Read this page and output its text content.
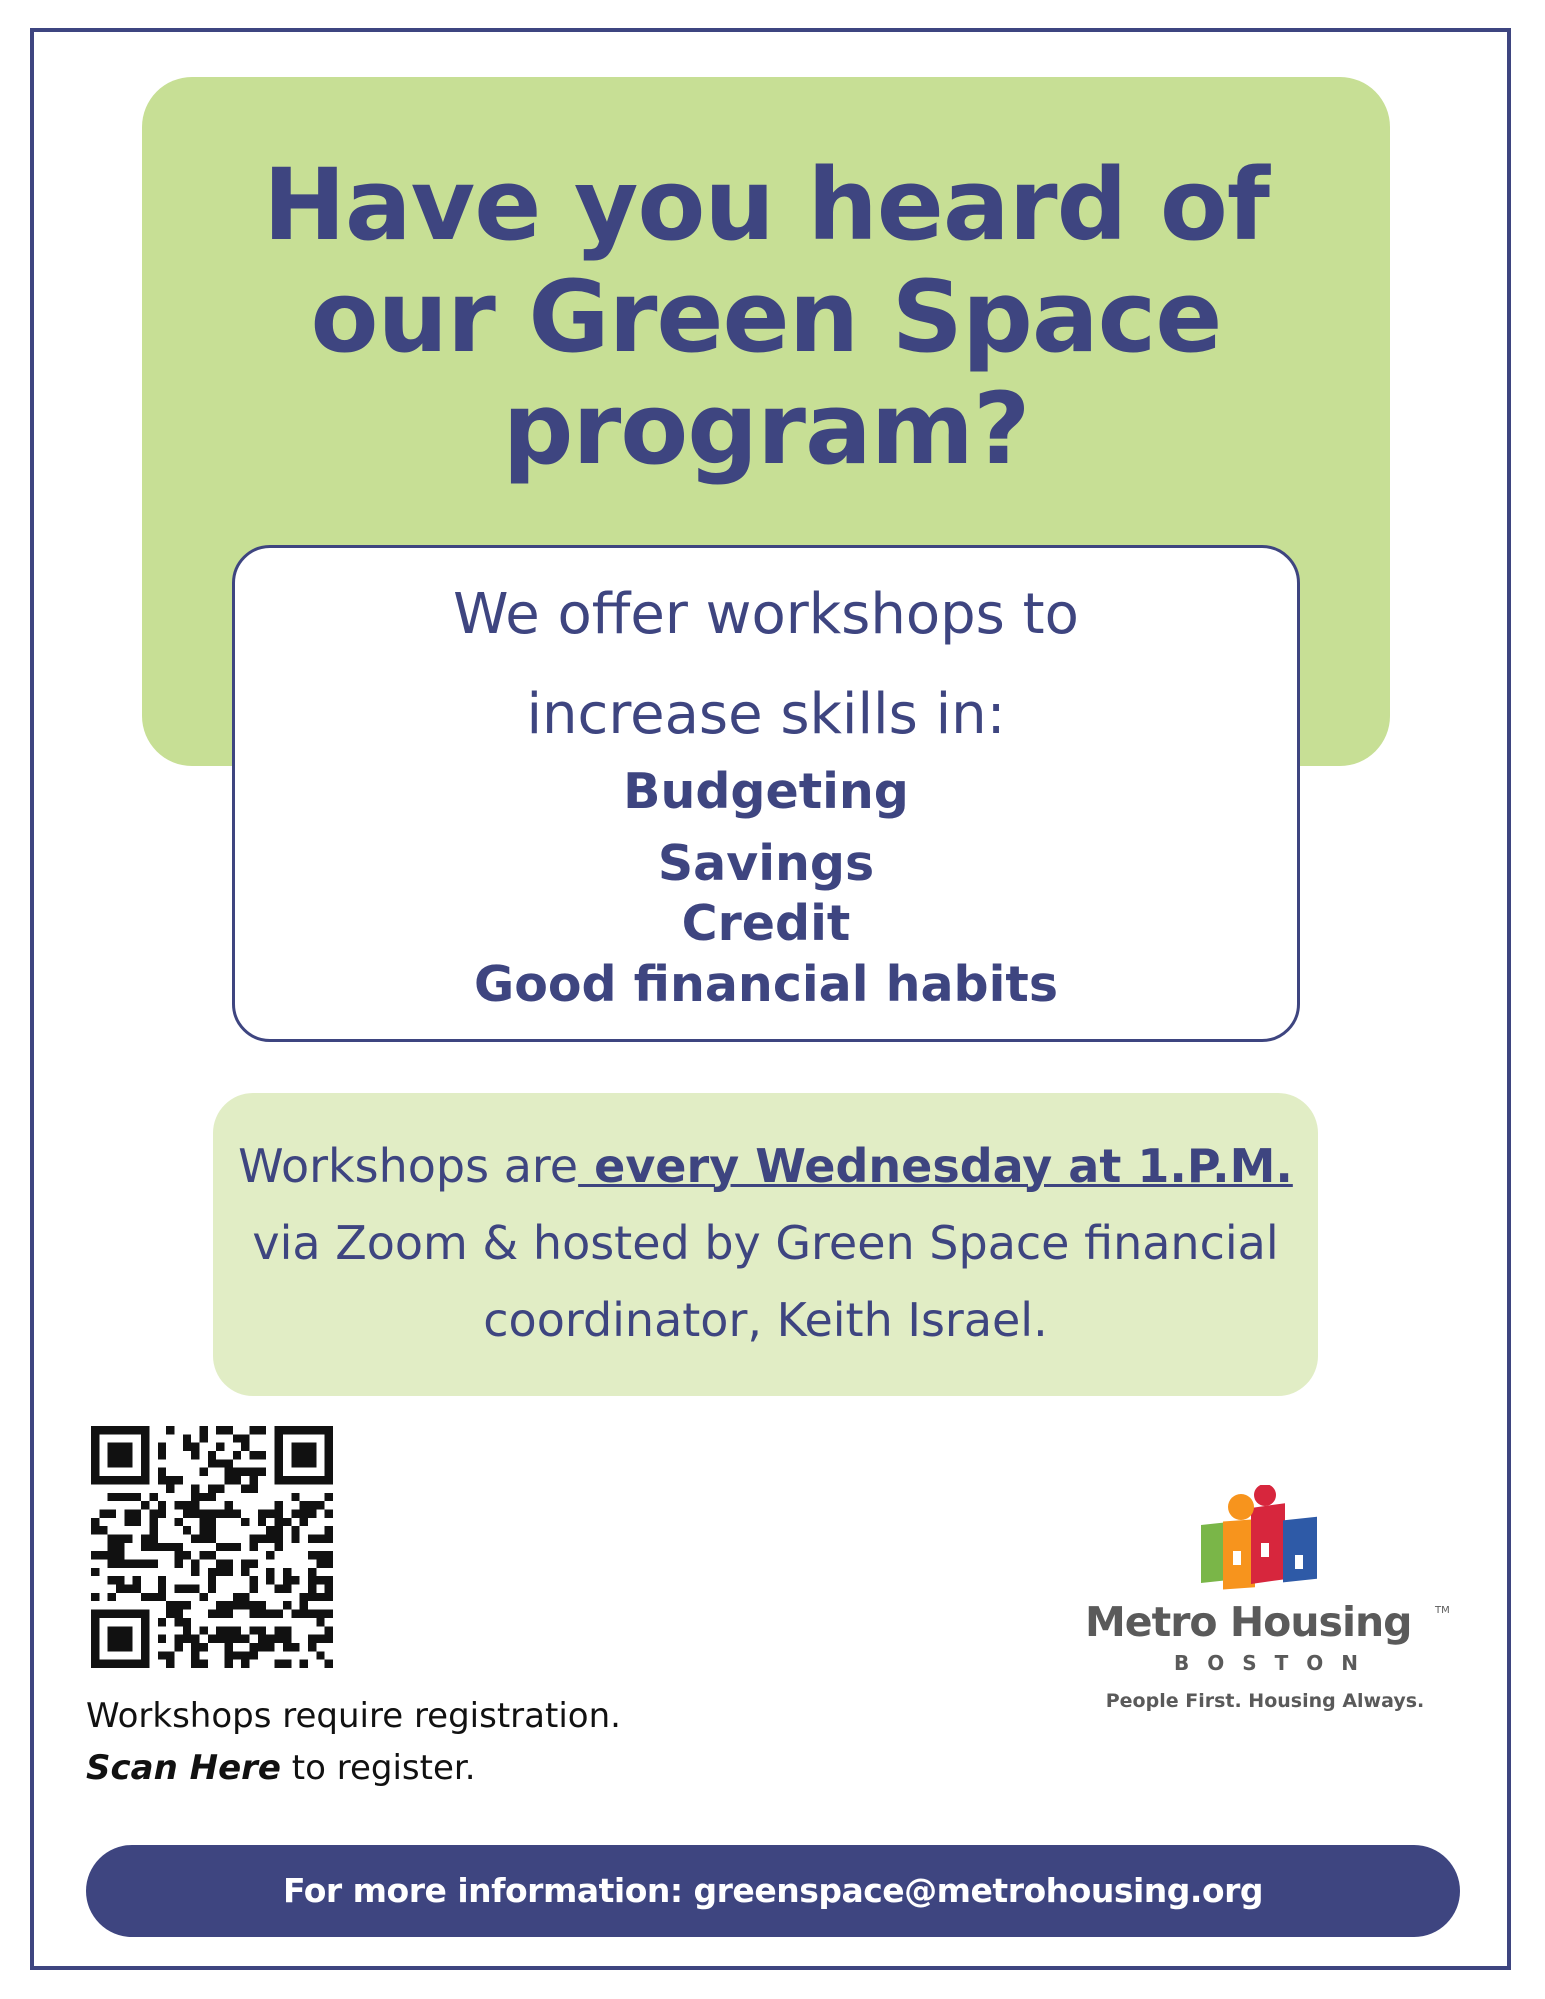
Have you heard of
our Green Space
program?
We offer workshops to
increase skills in:
Budgeting
Savings
Credit
Good financial habits
Workshops are every Wednesday at 1.P.M.
via Zoom & hosted by Green Space financial
coordinator, Keith Israel.
Workshops require registration.
Scan Here to register.
Metro Housing	TM
BOSTON
People First. Housing Always.
For more information: greenspace@metrohousing.org
